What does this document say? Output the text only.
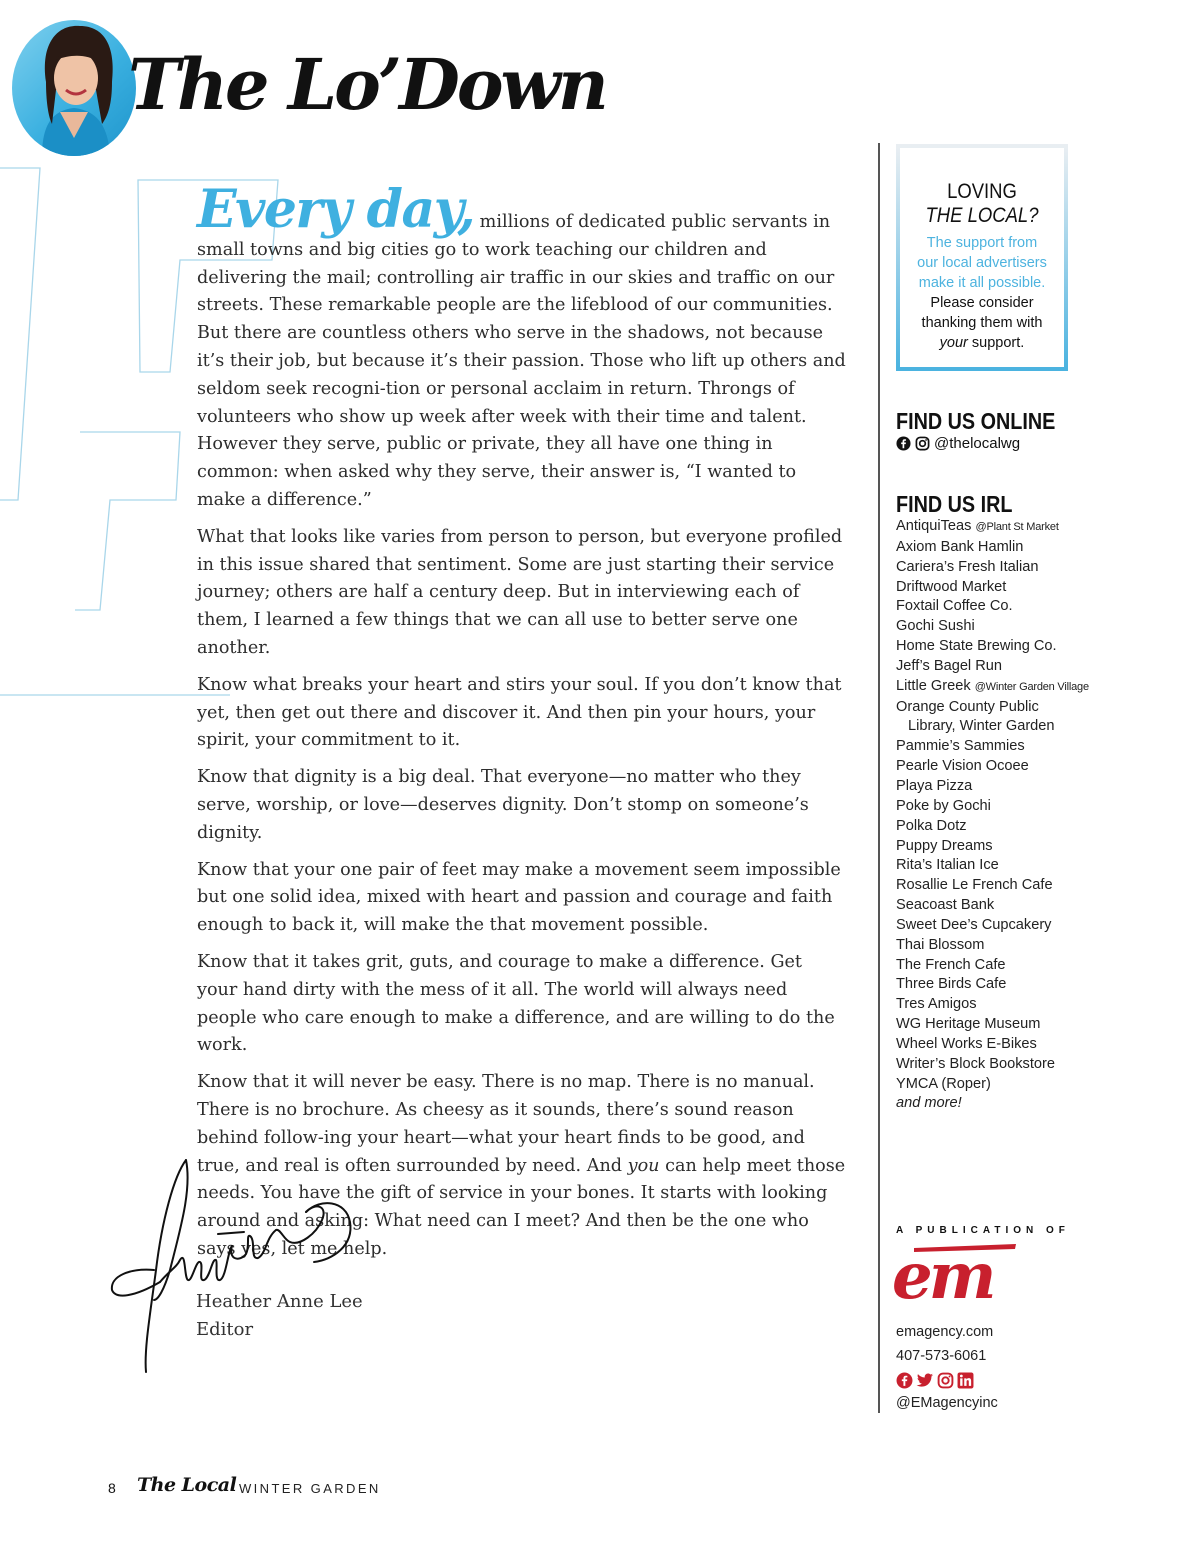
The Lo’Down

Every day, millions of dedicated public servants in small towns and big cities go to work teaching our children and delivering the mail; controlling air traffic in our skies and traffic on our streets. These remarkable people are the lifeblood of our communities. But there are countless others who serve in the shadows, not because it’s their job, but because it’s their passion. Those who lift up others and seldom seek recogni-tion or personal acclaim in return. Throngs of volunteers who show up week after week with their time and talent.

However they serve, public or private, they all have one thing in common: when asked why they serve, their answer is, “I wanted to make a difference.”

What that looks like varies from person to person, but everyone profiled in this issue shared that sentiment. Some are just starting their service journey; others are half a century deep. But in interviewing each of them, I learned a few things that we can all use to better serve one another.

Know what breaks your heart and stirs your soul. If you don’t know that yet, then get out there and discover it. And then pin your hours, your spirit, your commitment to it.

Know that dignity is a big deal. That everyone—no matter who they serve, worship, or love—deserves dignity. Don’t stomp on someone’s dignity.

Know that your one pair of feet may make a movement seem impossible but one solid idea, mixed with heart and passion and courage and faith enough to back it, will make the that movement possible.

Know that it takes grit, guts, and courage to make a difference. Get your hand dirty with the mess of it all. The world will always need people who care enough to make a difference, and are willing to do the work.

Know that it will never be easy. There is no map. There is no manual. There is no brochure. As cheesy as it sounds, there’s sound reason behind follow-ing your heart—what your heart finds to be good, and true, and real is often surrounded by need. And you can help meet those needs. You have the gift of service in your bones. It starts with looking around and asking: What need can I meet? And then be the one who says yes, let me help.

Heather Anne Lee
Editor
LOVING
THE LOCAL?
The support from
our local advertisers
make it all possible.
Please consider
thanking them with
your support.
FIND US ONLINE
@thelocalwg
FIND US IRL
AntiquiTeas @Plant St Market
Axiom Bank Hamlin
Cariera’s Fresh Italian
Driftwood Market
Foxtail Coffee Co.
Gochi Sushi
Home State Brewing Co.
Jeff’s Bagel Run
Little Greek @Winter Garden Village
Orange County Public
Library, Winter Garden
Pammie’s Sammies
Pearle Vision Ocoee
Playa Pizza
Poke by Gochi
Polka Dotz
Puppy Dreams
Rita’s Italian Ice
Rosallie Le French Cafe
Seacoast Bank
Sweet Dee’s Cupcakery
Thai Blossom
The French Cafe
Three Birds Cafe
Tres Amigos
WG Heritage Museum
Wheel Works E-Bikes
Writer’s Block Bookstore
YMCA (Roper)
and more!
A PUBLICATION OF
em
emagency.com
407-573-6061
@EMagencyinc
8 The Local WINTER GARDEN
